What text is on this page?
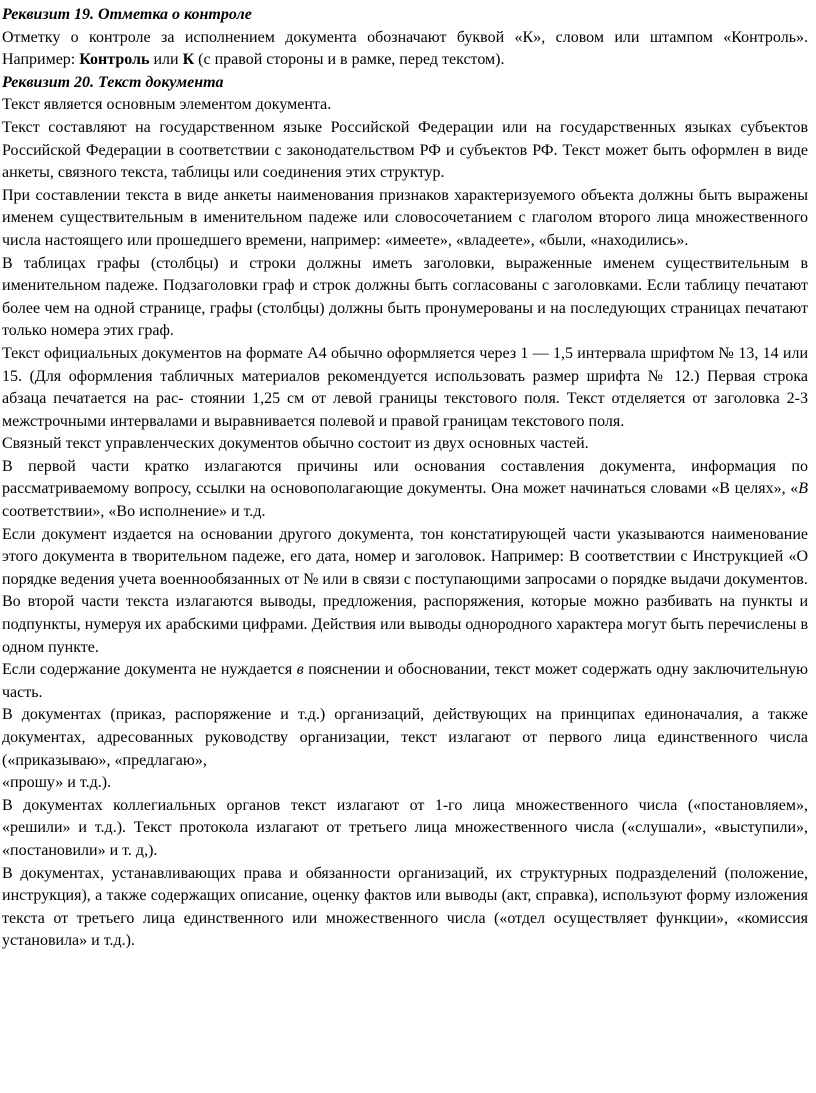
Реквизит 19. Отметка о контроле

Отметку о контроле за исполнением документа обозначают буквой «К», словом или штампом «Контроль». Например: Контроль или К (с правой стороны и в рамке, перед текстом).

Реквизит 20. Текст документа

Текст является основным элементом документа.

Текст составляют на государственном языке Российской Федерации или на государственных языках субъектов Российской Федерации в соответствии с законодательством РФ и субъектов РФ. Текст может быть оформлен в виде анкеты, связного текста, таблицы или соединения этих структур.

При составлении текста в виде анкеты наименования признаков характеризуемого объекта должны быть выражены именем существительным в именительном падеже или словосочетанием с глаголом второго лица множественного числа настоящего или прошедшего времени, например: «имеете», «владеете», «были, «находились».

В таблицах графы (столбцы) и строки должны иметь заголовки, выраженные именем существительным в именительном падеже. Подзаголовки граф и строк должны быть согласованы с заголовками. Если таблицу печатают более чем на одной странице, графы (столбцы) должны быть пронумерованы и на последующих страницах печатают только номера этих граф.

Текст официальных документов на формате А4 обычно оформляется через 1 — 1,5 интервала шрифтом № 13, 14 или 15. (Для оформления табличных материалов рекомендуется использовать размер шрифта № 12.) Первая строка абзаца печатается на рас- стоянии 1,25 см от левой границы текстового поля. Текст отделяется от заголовка 2-3 межстрочными интервалами и выравнивается полевой и правой границам текстового поля.

Связный текст управленческих документов обычно состоит из двух основных частей.

В первой части кратко излагаются причины или основания составления документа, информация по рассматриваемому вопросу, ссылки на основополагающие документы. Она может начинаться словами «В целях», «В соответствии», «Во исполнение» и т.д.

Если документ издается на основании другого документа, тон констатирующей части указываются наименование этого документа в творительном падеже, его дата, номер и заголовок. Например: В соответствии с Инструкцией «О порядке ведения учета военнообязанных от № или в связи с поступающими запросами о порядке выдачи документов.

Во второй части текста излагаются выводы, предложения, распоряжения, которые можно разбивать на пункты и подпункты, нумеруя их арабскими цифрами. Действия или выводы однородного характера могут быть перечислены в одном пункте.

Если содержание документа не нуждается в пояснении и обосновании, текст может содержать одну заключительную часть.

В документах (приказ, распоряжение и т.д.) организаций, действующих на принципах единоначалия, а также документах, адресованных руководству организации, текст излагают от первого лица единственного числа («приказываю», «предлагаю»,
«прошу» и т.д.).

В документах коллегиальных органов текст излагают от 1-го лица множественного числа («постановляем», «решили» и т.д.). Текст протокола излагают от третьего лица множественного числа («слушали», «выступили», «постановили» и т. д,).

В документах, устанавливающих права и обязанности организаций, их структурных подразделений (положение, инструкция), а также содержащих описание, оценку фактов или выводы (акт, справка), используют форму изложения текста от третьего лица единственного или множественного числа («отдел осуществляет функции», «комиссия установила» и т.д.).
